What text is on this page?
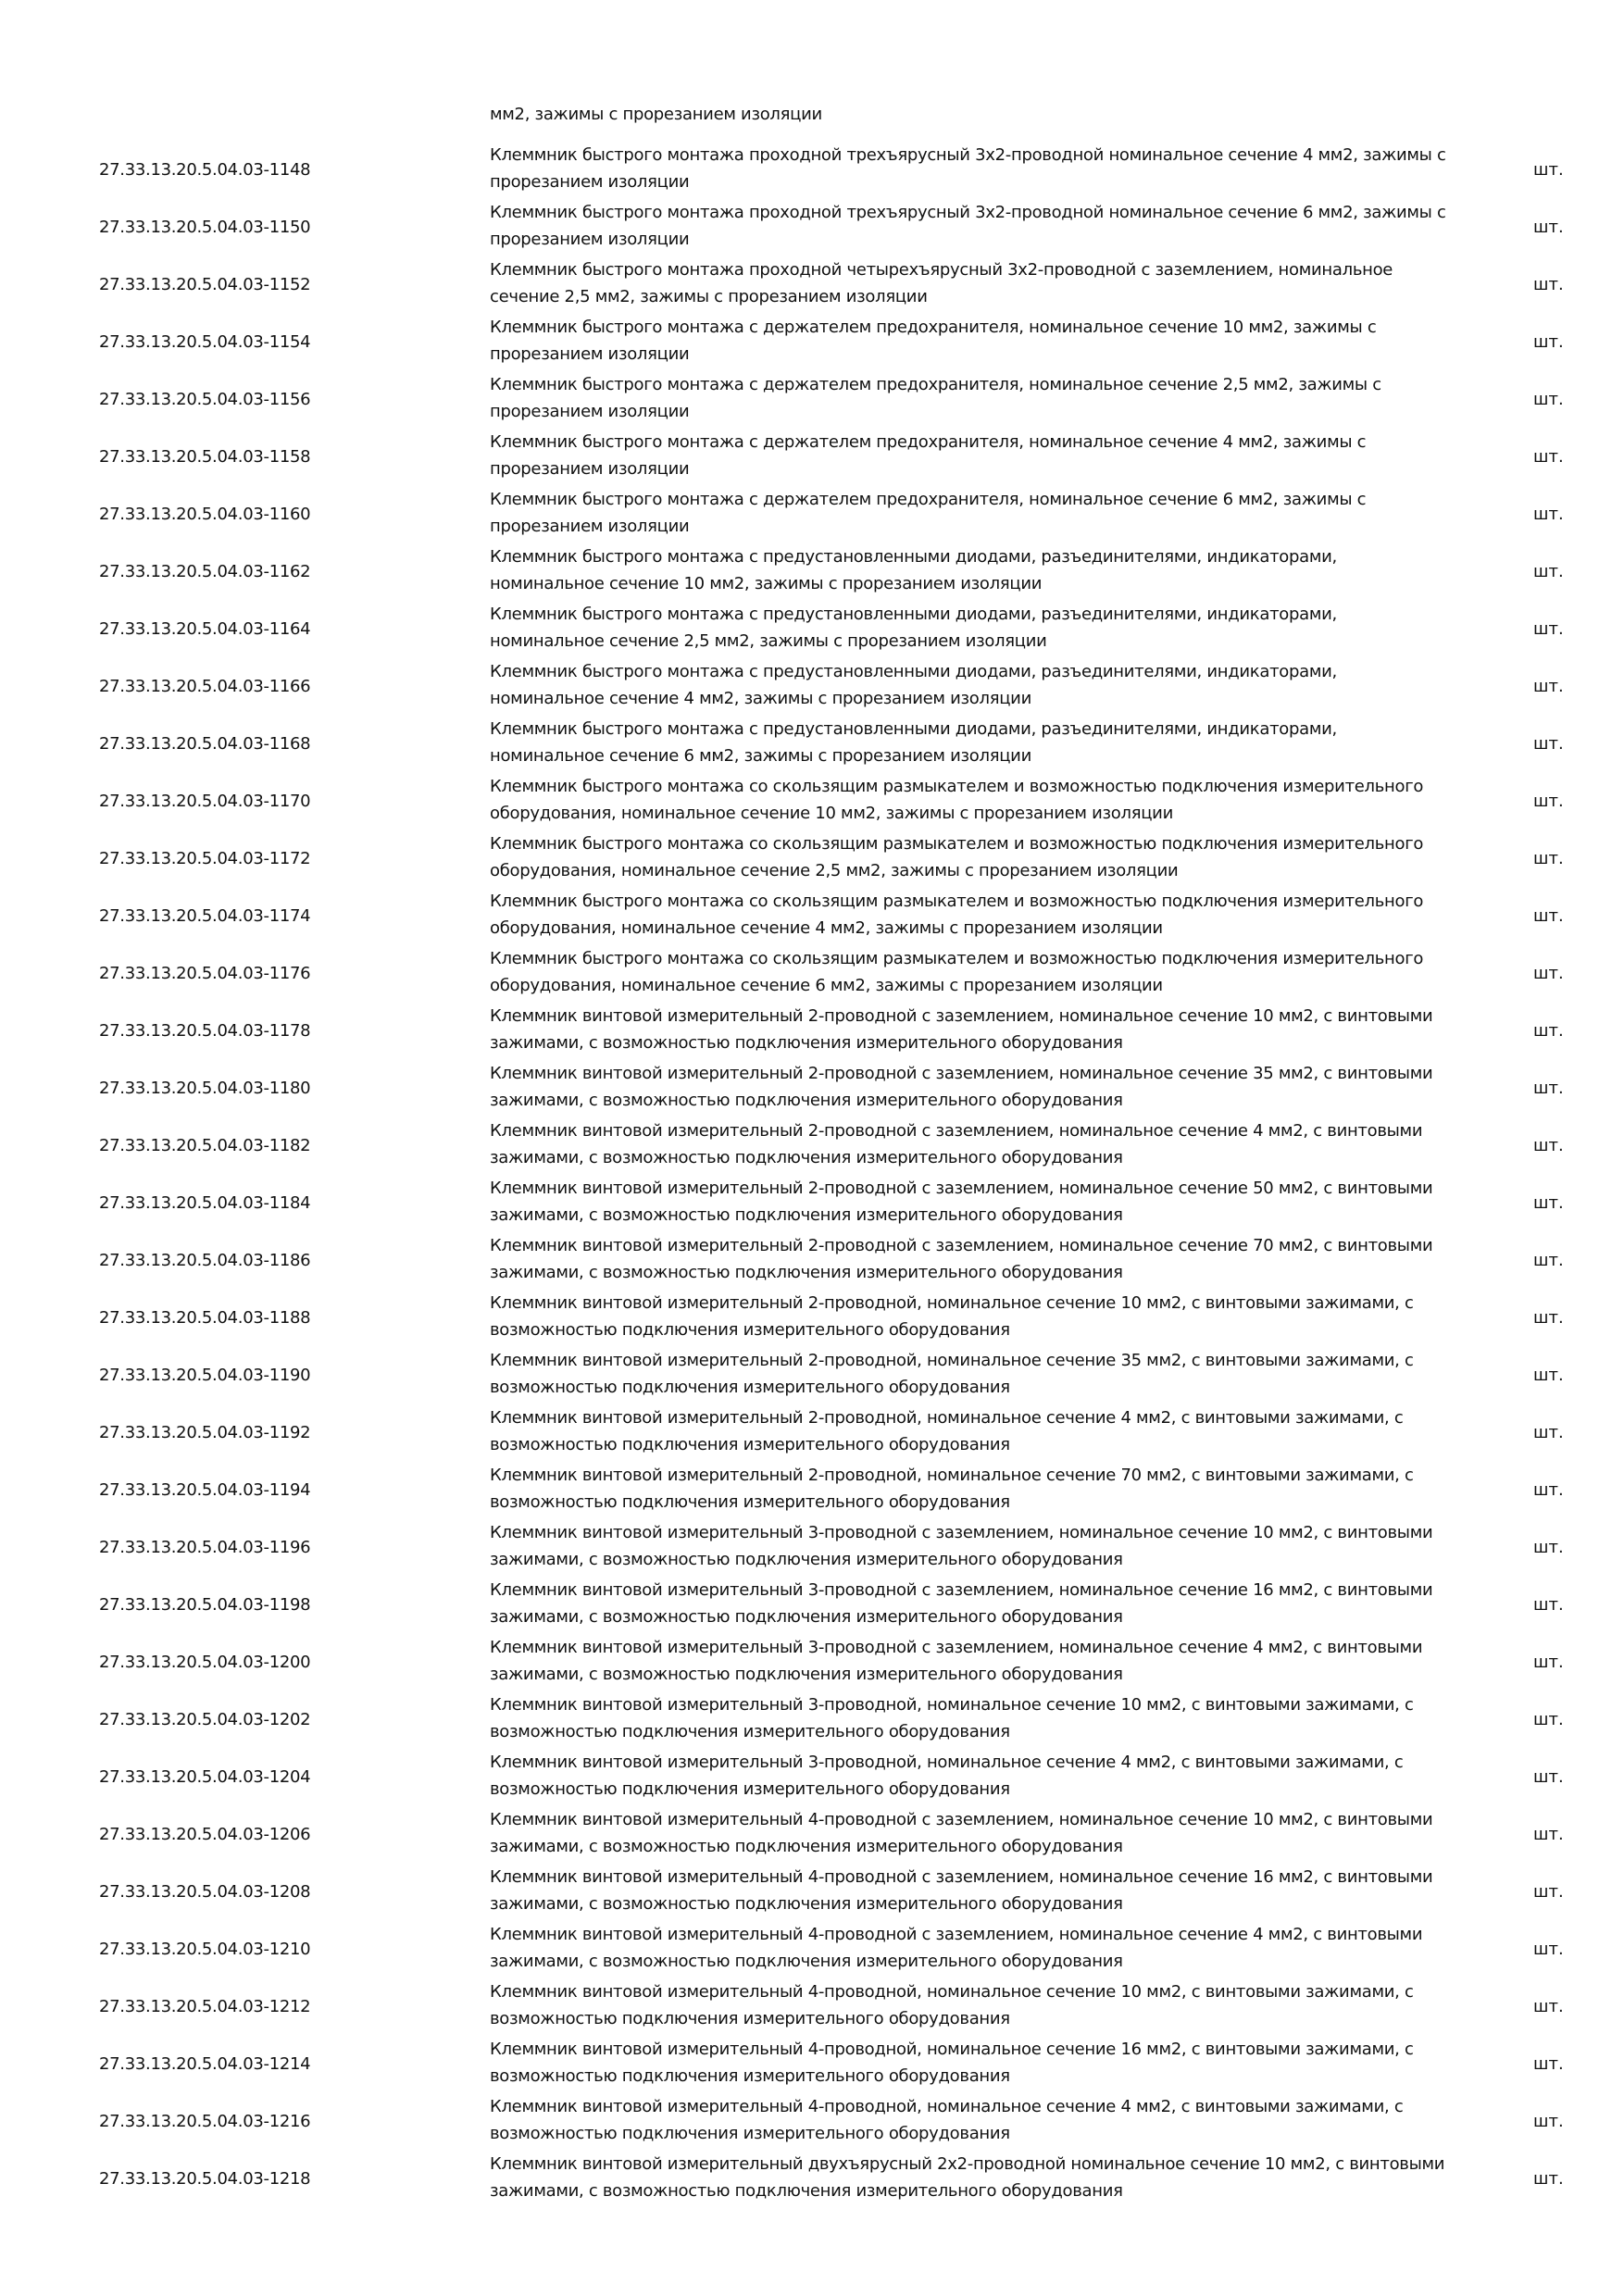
мм2, зажимы с прорезанием изоляции
27.33.13.20.5.04.03-1148
Клеммник быстрого монтажа проходной трехъярусный 3х2-проводной номинальное сечение 4 мм2, зажимы с прорезанием изоляции
шт.
27.33.13.20.5.04.03-1150
Клеммник быстрого монтажа проходной трехъярусный 3х2-проводной номинальное сечение 6 мм2, зажимы с прорезанием изоляции
шт.
27.33.13.20.5.04.03-1152
Клеммник быстрого монтажа проходной четырехъярусный 3х2-проводной с заземлением, номинальное сечение 2,5 мм2, зажимы с прорезанием изоляции
шт.
27.33.13.20.5.04.03-1154
Клеммник быстрого монтажа с держателем предохранителя, номинальное сечение 10 мм2, зажимы с прорезанием изоляции
шт.
27.33.13.20.5.04.03-1156
Клеммник быстрого монтажа с держателем предохранителя, номинальное сечение 2,5 мм2, зажимы с прорезанием изоляции
шт.
27.33.13.20.5.04.03-1158
Клеммник быстрого монтажа с держателем предохранителя, номинальное сечение 4 мм2, зажимы с прорезанием изоляции
шт.
27.33.13.20.5.04.03-1160
Клеммник быстрого монтажа с держателем предохранителя, номинальное сечение 6 мм2, зажимы с прорезанием изоляции
шт.
27.33.13.20.5.04.03-1162
Клеммник быстрого монтажа с предустановленными диодами, разъединителями, индикаторами, номинальное сечение 10 мм2, зажимы с прорезанием изоляции
шт.
27.33.13.20.5.04.03-1164
Клеммник быстрого монтажа с предустановленными диодами, разъединителями, индикаторами, номинальное сечение 2,5 мм2, зажимы с прорезанием изоляции
шт.
27.33.13.20.5.04.03-1166
Клеммник быстрого монтажа с предустановленными диодами, разъединителями, индикаторами, номинальное сечение 4 мм2, зажимы с прорезанием изоляции
шт.
27.33.13.20.5.04.03-1168
Клеммник быстрого монтажа с предустановленными диодами, разъединителями, индикаторами, номинальное сечение 6 мм2, зажимы с прорезанием изоляции
шт.
27.33.13.20.5.04.03-1170
Клеммник быстрого монтажа со скользящим размыкателем и возможностью подключения измерительного оборудования, номинальное сечение 10 мм2, зажимы с прорезанием изоляции
шт.
27.33.13.20.5.04.03-1172
Клеммник быстрого монтажа со скользящим размыкателем и возможностью подключения измерительного оборудования, номинальное сечение 2,5 мм2, зажимы с прорезанием изоляции
шт.
27.33.13.20.5.04.03-1174
Клеммник быстрого монтажа со скользящим размыкателем и возможностью подключения измерительного оборудования, номинальное сечение 4 мм2, зажимы с прорезанием изоляции
шт.
27.33.13.20.5.04.03-1176
Клеммник быстрого монтажа со скользящим размыкателем и возможностью подключения измерительного оборудования, номинальное сечение 6 мм2, зажимы с прорезанием изоляции
шт.
27.33.13.20.5.04.03-1178
Клеммник винтовой измерительный 2-проводной с заземлением, номинальное сечение 10 мм2, с винтовыми зажимами, с возможностью подключения измерительного оборудования
шт.
27.33.13.20.5.04.03-1180
Клеммник винтовой измерительный 2-проводной с заземлением, номинальное сечение 35 мм2, с винтовыми зажимами, с возможностью подключения измерительного оборудования
шт.
27.33.13.20.5.04.03-1182
Клеммник винтовой измерительный 2-проводной с заземлением, номинальное сечение 4 мм2, с винтовыми зажимами, с возможностью подключения измерительного оборудования
шт.
27.33.13.20.5.04.03-1184
Клеммник винтовой измерительный 2-проводной с заземлением, номинальное сечение 50 мм2, с винтовыми зажимами, с возможностью подключения измерительного оборудования
шт.
27.33.13.20.5.04.03-1186
Клеммник винтовой измерительный 2-проводной с заземлением, номинальное сечение 70 мм2, с винтовыми зажимами, с возможностью подключения измерительного оборудования
шт.
27.33.13.20.5.04.03-1188
Клеммник винтовой измерительный 2-проводной, номинальное сечение 10 мм2, с винтовыми зажимами, с возможностью подключения измерительного оборудования
шт.
27.33.13.20.5.04.03-1190
Клеммник винтовой измерительный 2-проводной, номинальное сечение 35 мм2, с винтовыми зажимами, с возможностью подключения измерительного оборудования
шт.
27.33.13.20.5.04.03-1192
Клеммник винтовой измерительный 2-проводной, номинальное сечение 4 мм2, с винтовыми зажимами, с возможностью подключения измерительного оборудования
шт.
27.33.13.20.5.04.03-1194
Клеммник винтовой измерительный 2-проводной, номинальное сечение 70 мм2, с винтовыми зажимами, с возможностью подключения измерительного оборудования
шт.
27.33.13.20.5.04.03-1196
Клеммник винтовой измерительный 3-проводной с заземлением, номинальное сечение 10 мм2, с винтовыми зажимами, с возможностью подключения измерительного оборудования
шт.
27.33.13.20.5.04.03-1198
Клеммник винтовой измерительный 3-проводной с заземлением, номинальное сечение 16 мм2, с винтовыми зажимами, с возможностью подключения измерительного оборудования
шт.
27.33.13.20.5.04.03-1200
Клеммник винтовой измерительный 3-проводной с заземлением, номинальное сечение 4 мм2, с винтовыми зажимами, с возможностью подключения измерительного оборудования
шт.
27.33.13.20.5.04.03-1202
Клеммник винтовой измерительный 3-проводной, номинальное сечение 10 мм2, с винтовыми зажимами, с возможностью подключения измерительного оборудования
шт.
27.33.13.20.5.04.03-1204
Клеммник винтовой измерительный 3-проводной, номинальное сечение 4 мм2, с винтовыми зажимами, с возможностью подключения измерительного оборудования
шт.
27.33.13.20.5.04.03-1206
Клеммник винтовой измерительный 4-проводной с заземлением, номинальное сечение 10 мм2, с винтовыми зажимами, с возможностью подключения измерительного оборудования
шт.
27.33.13.20.5.04.03-1208
Клеммник винтовой измерительный 4-проводной с заземлением, номинальное сечение 16 мм2, с винтовыми зажимами, с возможностью подключения измерительного оборудования
шт.
27.33.13.20.5.04.03-1210
Клеммник винтовой измерительный 4-проводной с заземлением, номинальное сечение 4 мм2, с винтовыми зажимами, с возможностью подключения измерительного оборудования
шт.
27.33.13.20.5.04.03-1212
Клеммник винтовой измерительный 4-проводной, номинальное сечение 10 мм2, с винтовыми зажимами, с возможностью подключения измерительного оборудования
шт.
27.33.13.20.5.04.03-1214
Клеммник винтовой измерительный 4-проводной, номинальное сечение 16 мм2, с винтовыми зажимами, с возможностью подключения измерительного оборудования
шт.
27.33.13.20.5.04.03-1216
Клеммник винтовой измерительный 4-проводной, номинальное сечение 4 мм2, с винтовыми зажимами, с возможностью подключения измерительного оборудования
шт.
27.33.13.20.5.04.03-1218
Клеммник винтовой измерительный двухъярусный 2х2-проводной номинальное сечение 10 мм2, с винтовыми зажимами, с возможностью подключения измерительного оборудования
шт.
